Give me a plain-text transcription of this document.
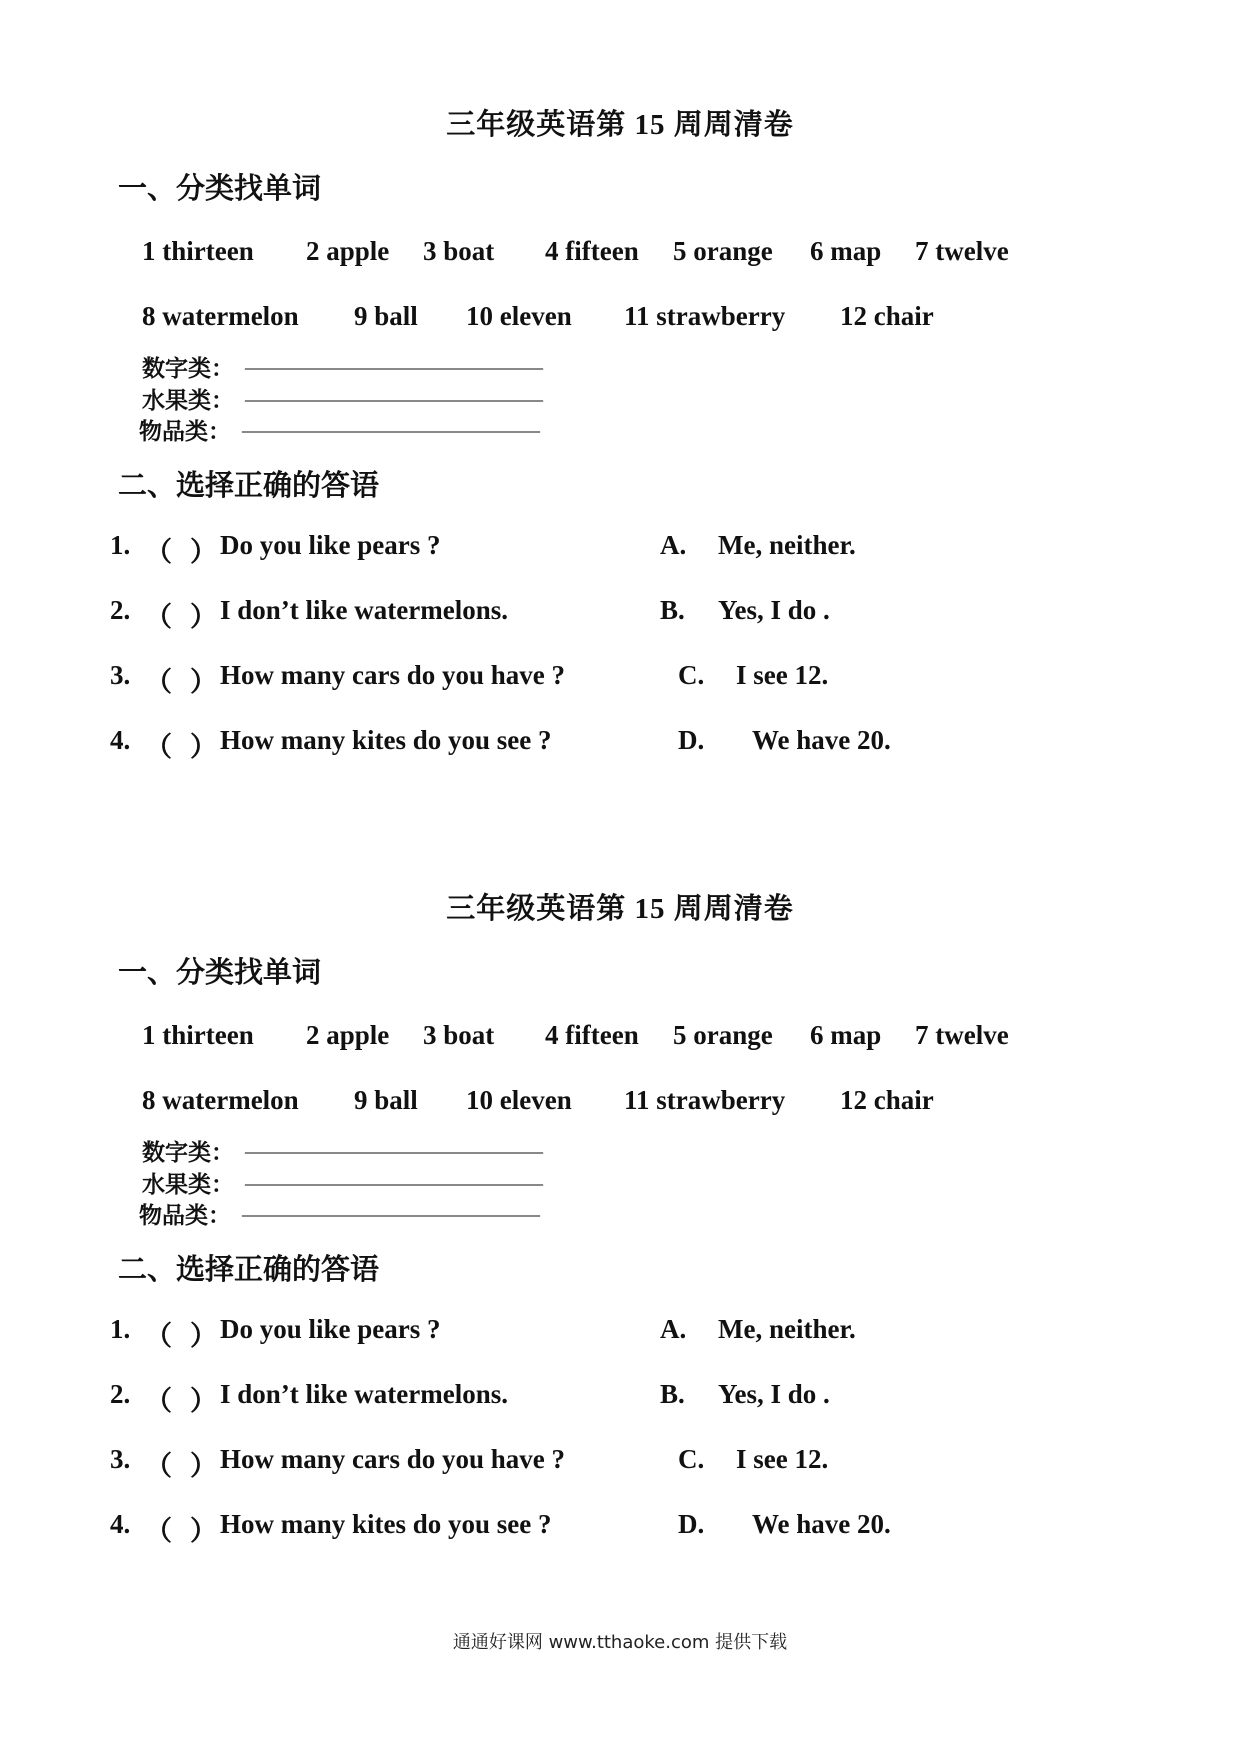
三年级英语第 15 周周清卷
一、分类找单词
1 thirteen 2 apple 3 boat 4 fifteen 5 orange 6 map 7 twelve
8 watermelon 9 ball 10 eleven 11 strawberry 12 chair
数字类： _________________________________
水果类： _________________________________
物品类： _________________________________
二、选择正确的答语
1. （ ） Do you like pears ?	A. Me, neither.
2. （ ） I don’t like watermelons.	B. Yes, I do .
3. （ ） How many cars do you have ?	C. I see 12.
4. （ ） How many kites do you see ?	D. We have 20.
三年级英语第 15 周周清卷
一、分类找单词
1 thirteen 2 apple 3 boat 4 fifteen 5 orange 6 map 7 twelve
8 watermelon 9 ball 10 eleven 11 strawberry 12 chair
数字类： _________________________________
水果类： _________________________________
物品类： _________________________________
二、选择正确的答语
1. （ ） Do you like pears ?	A. Me, neither.
2. （ ） I don’t like watermelons.	B. Yes, I do .
3. （ ） How many cars do you have ?	C. I see 12.
4. （ ） How many kites do you see ?	D. We have 20.
通通好课网 www.tthaoke.com 提供下载
